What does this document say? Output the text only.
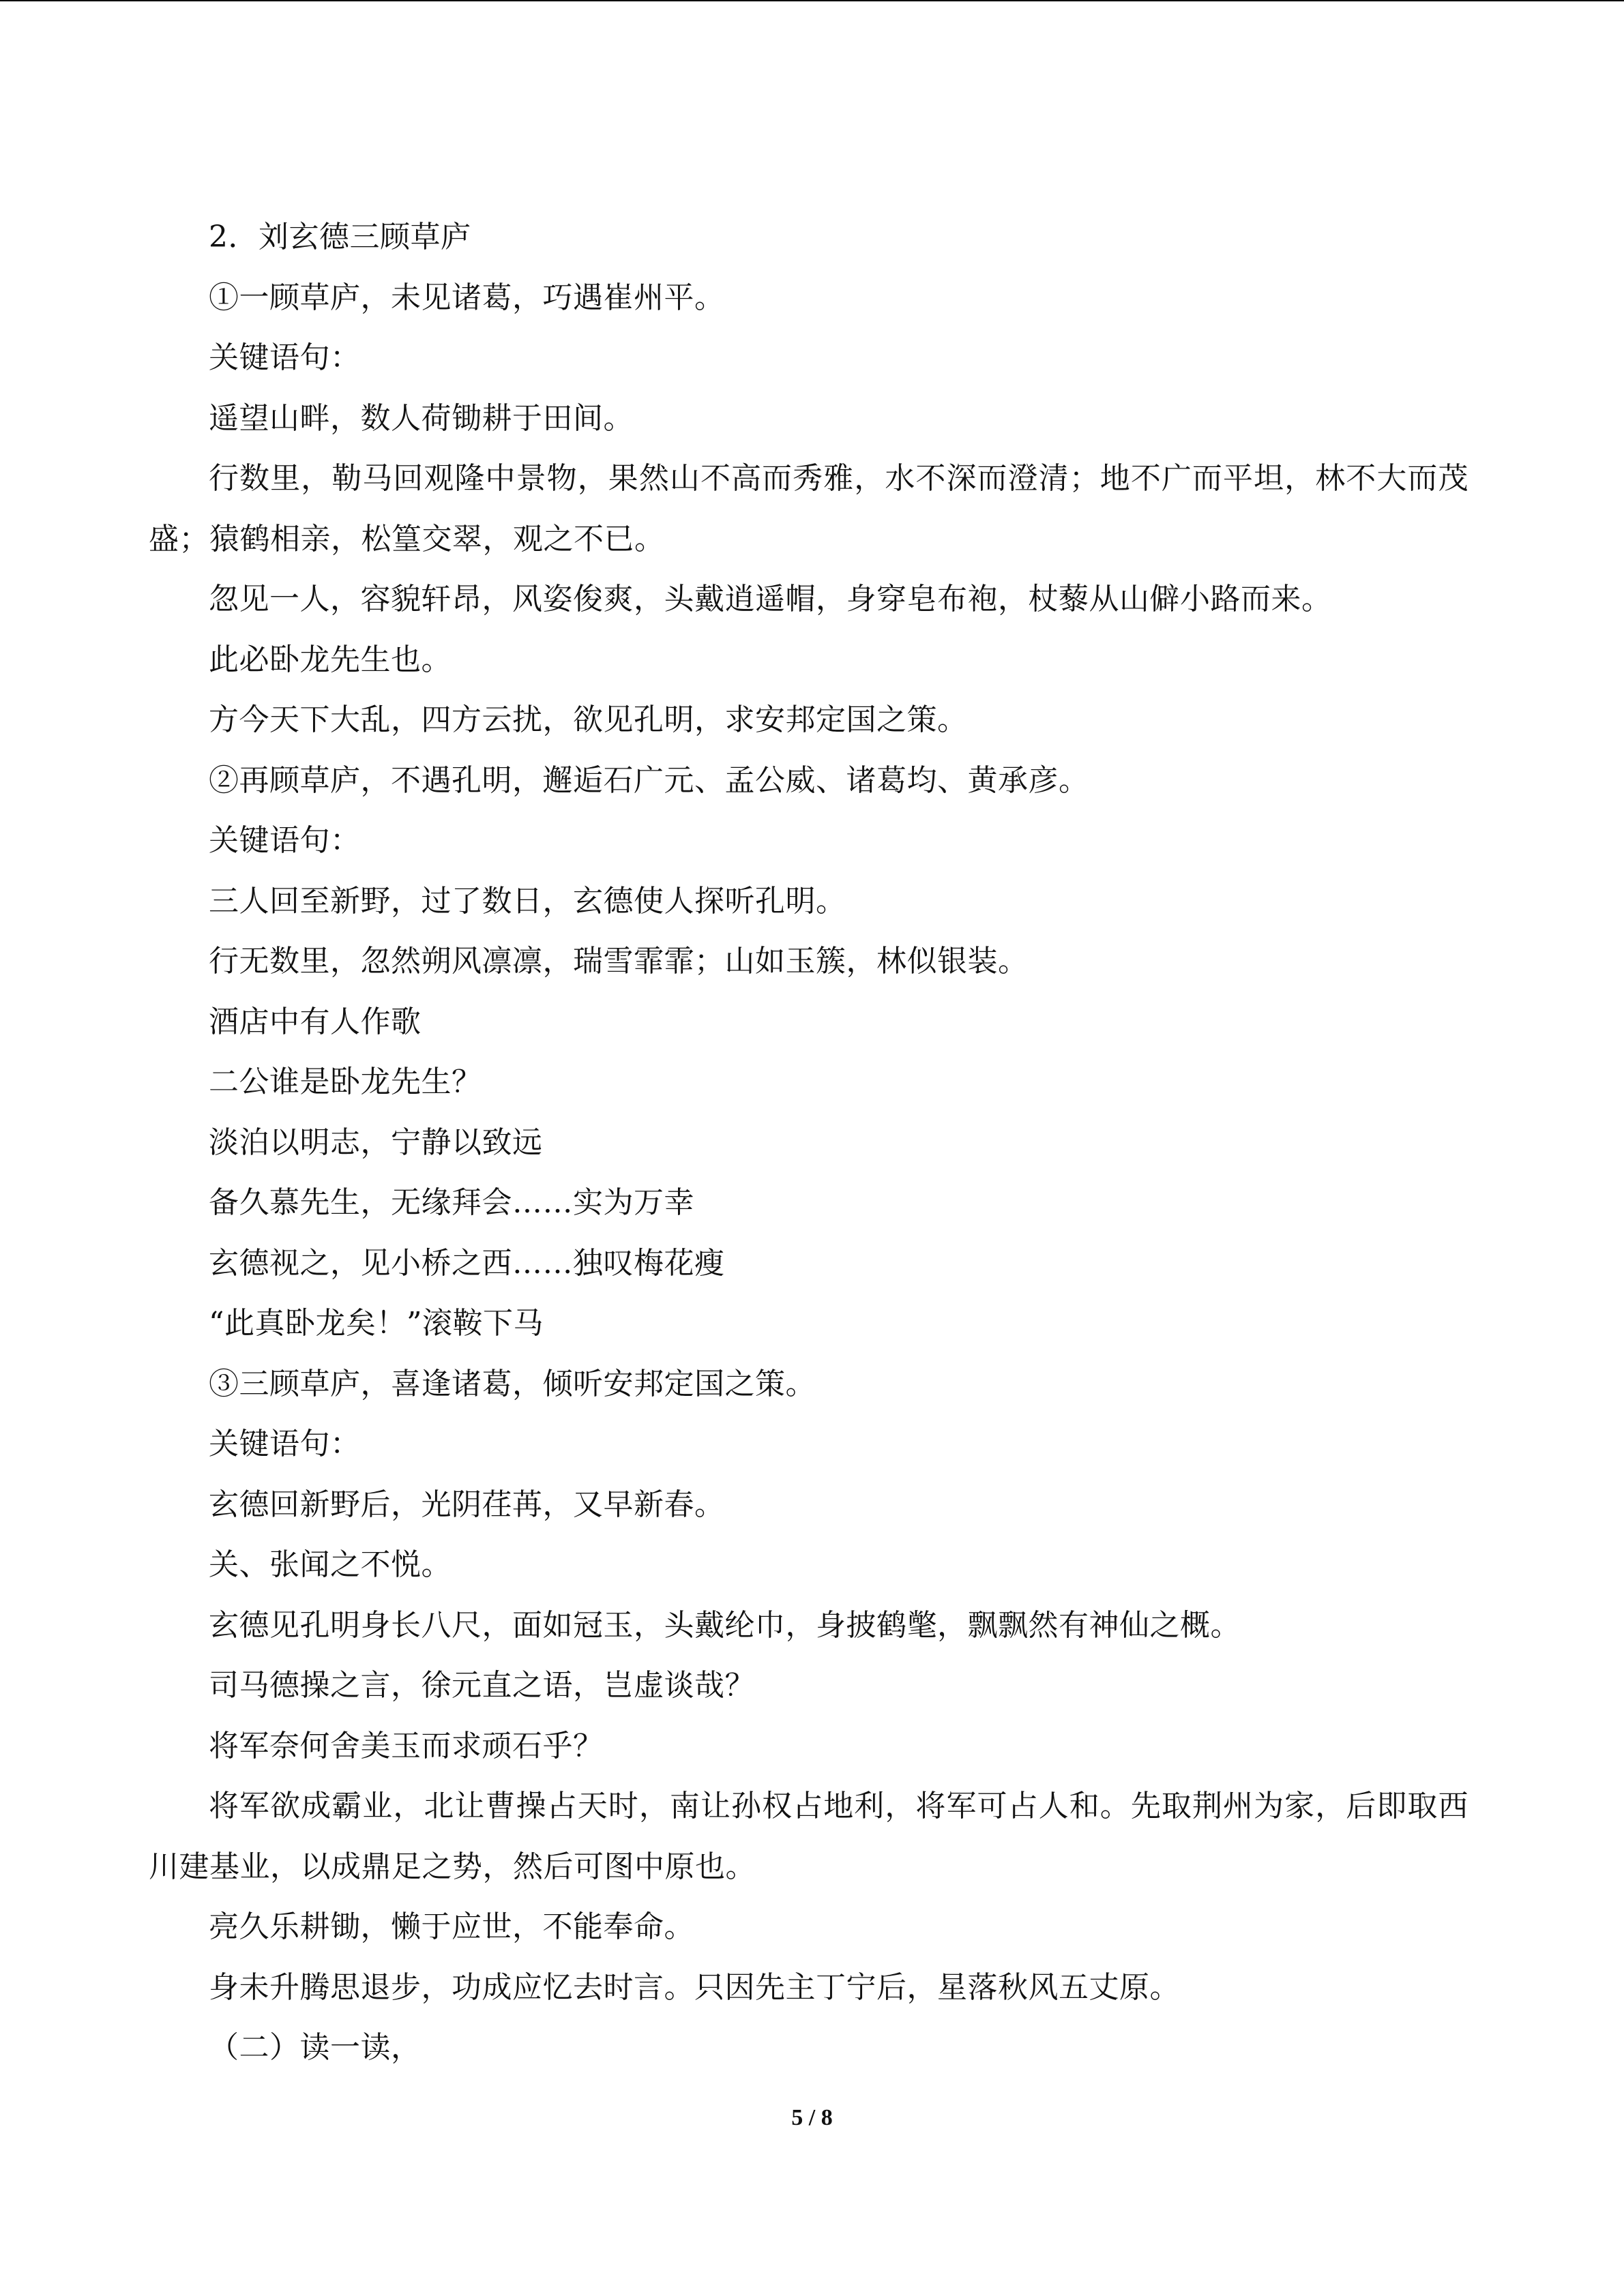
2．刘玄德三顾草庐

①一顾草庐，未见诸葛，巧遇崔州平。

关键语句：

遥望山畔，数人荷锄耕于田间。

行数里，勒马回观隆中景物，果然山不高而秀雅，水不深而澄清；地不广而平坦，林不大而茂盛；猿鹤相亲，松篁交翠，观之不已。

忽见一人，容貌轩昂，风姿俊爽，头戴逍遥帽，身穿皂布袍，杖藜从山僻小路而来。

此必卧龙先生也。

方今天下大乱，四方云扰，欲见孔明，求安邦定国之策。

②再顾草庐，不遇孔明，邂逅石广元、孟公威、诸葛均、黄承彦。

关键语句：

三人回至新野，过了数日，玄德使人探听孔明。

行无数里，忽然朔风凛凛，瑞雪霏霏；山如玉簇，林似银装。

酒店中有人作歌

二公谁是卧龙先生？

淡泊以明志，宁静以致远

备久慕先生，无缘拜会……实为万幸

玄德视之，见小桥之西……独叹梅花瘦

“此真卧龙矣！”滚鞍下马

③三顾草庐，喜逢诸葛，倾听安邦定国之策。

关键语句：

玄德回新野后，光阴荏苒，又早新春。

关、张闻之不悦。

玄德见孔明身长八尺，面如冠玉，头戴纶巾，身披鹤氅，飘飘然有神仙之概。

司马德操之言，徐元直之语，岂虚谈哉？

将军奈何舍美玉而求顽石乎？

将军欲成霸业，北让曹操占天时，南让孙权占地利，将军可占人和。先取荆州为家，后即取西川建基业，以成鼎足之势，然后可图中原也。

亮久乐耕锄，懒于应世，不能奉命。

身未升腾思退步，功成应忆去时言。只因先主丁宁后，星落秋风五丈原。

（二）读一读，

5 / 8
